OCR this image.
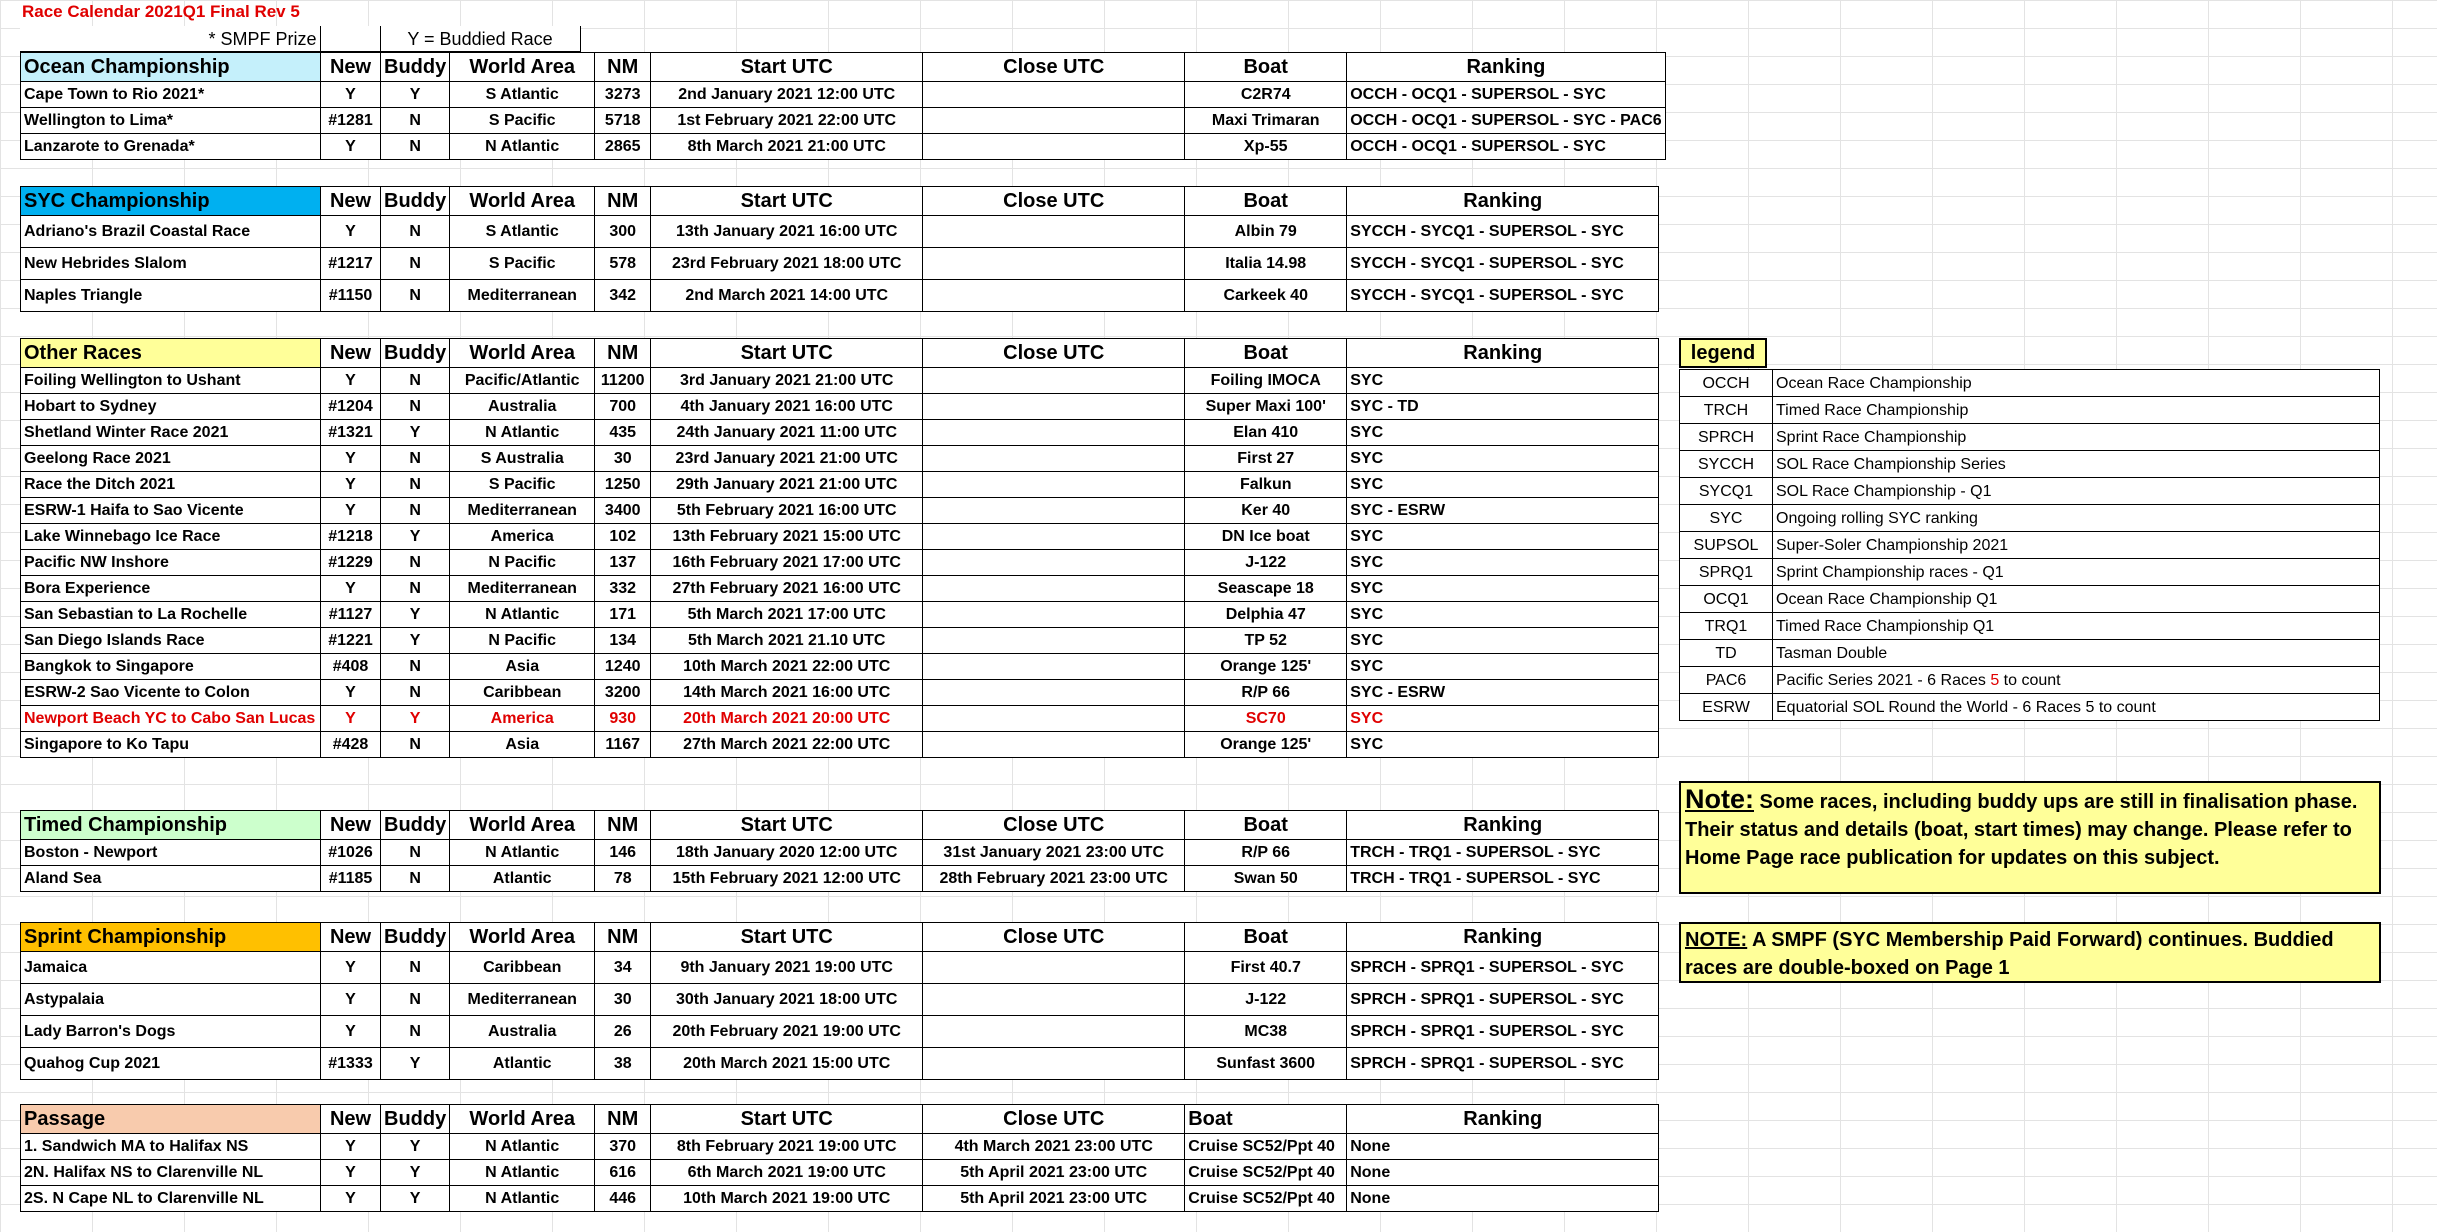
Race Calendar 2021Q1 Final Rev 5
* SMPF Prize		Y = Buddied Race
Ocean Championship	New	Buddy	World Area	NM	Start UTC	Close UTC	Boat	Ranking
Cape Town to Rio 2021*	Y	Y	S Atlantic	3273	2nd January 2021 12:00 UTC		C2R74	OCCH - OCQ1 - SUPERSOL - SYC
Wellington to Lima*	#1281	N	S Pacific	5718	1st February 2021 22:00 UTC		Maxi Trimaran	OCCH - OCQ1 - SUPERSOL - SYC - PAC6
Lanzarote to Grenada*	Y	N	N Atlantic	2865	8th March 2021 21:00 UTC		Xp-55	OCCH - OCQ1 - SUPERSOL - SYC
SYC Championship	New	Buddy	World Area	NM	Start UTC	Close UTC	Boat	Ranking
Adriano's Brazil Coastal Race	Y	N	S Atlantic	300	13th January 2021 16:00 UTC		Albin 79	SYCCH - SYCQ1 - SUPERSOL - SYC
New Hebrides Slalom	#1217	N	S Pacific	578	23rd February 2021 18:00 UTC		Italia 14.98	SYCCH - SYCQ1 - SUPERSOL - SYC
Naples Triangle	#1150	N	Mediterranean	342	2nd March 2021 14:00 UTC		Carkeek 40	SYCCH - SYCQ1 - SUPERSOL - SYC
Other Races	New	Buddy	World Area	NM	Start UTC	Close UTC	Boat	Ranking
Foiling Wellington to Ushant	Y	N	Pacific/Atlantic	11200	3rd January 2021 21:00 UTC		Foiling IMOCA	SYC
Hobart to Sydney	#1204	N	Australia	700	4th January 2021 16:00 UTC		Super Maxi 100'	SYC - TD
Shetland Winter Race 2021	#1321	Y	N Atlantic	435	24th January 2021 11:00 UTC		Elan 410	SYC
Geelong Race 2021	Y	N	S Australia	30	23rd January 2021 21:00 UTC		First 27	SYC
Race the Ditch 2021	Y	N	S Pacific	1250	29th January 2021 21:00 UTC		Falkun	SYC
ESRW-1 Haifa to Sao Vicente	Y	N	Mediterranean	3400	5th February 2021 16:00 UTC		Ker 40	SYC - ESRW
Lake Winnebago Ice Race	#1218	Y	America	102	13th February 2021 15:00 UTC		DN Ice boat	SYC
Pacific NW Inshore	#1229	N	N Pacific	137	16th February 2021 17:00 UTC		J-122	SYC
Bora Experience	Y	N	Mediterranean	332	27th February 2021 16:00 UTC		Seascape 18	SYC
San Sebastian to La Rochelle	#1127	Y	N Atlantic	171	5th March 2021 17:00 UTC		Delphia 47	SYC
San Diego Islands Race	#1221	Y	N Pacific	134	5th March 2021 21.10 UTC		TP 52	SYC
Bangkok to Singapore	#408	N	Asia	1240	10th March 2021 22:00 UTC		Orange 125'	SYC
ESRW-2 Sao Vicente to Colon	Y	N	Caribbean	3200	14th March 2021 16:00 UTC		R/P 66	SYC - ESRW
Newport Beach YC to Cabo San Lucas	Y	Y	America	930	20th March 2021 20:00 UTC		SC70	SYC
Singapore to Ko Tapu	#428	N	Asia	1167	27th March 2021 22:00 UTC		Orange 125'	SYC
Timed Championship	New	Buddy	World Area	NM	Start UTC	Close UTC	Boat	Ranking
Boston - Newport	#1026	N	N Atlantic	146	18th January 2020 12:00 UTC	31st January 2021 23:00 UTC	R/P 66	TRCH - TRQ1 - SUPERSOL - SYC
Aland Sea	#1185	N	Atlantic	78	15th February 2021 12:00 UTC	28th February 2021 23:00 UTC	Swan 50	TRCH - TRQ1 - SUPERSOL - SYC
Sprint Championship	New	Buddy	World Area	NM	Start UTC	Close UTC	Boat	Ranking
Jamaica	Y	N	Caribbean	34	9th January 2021 19:00 UTC		First 40.7	SPRCH - SPRQ1 - SUPERSOL - SYC
Astypalaia	Y	N	Mediterranean	30	30th January 2021 18:00 UTC		J-122	SPRCH - SPRQ1 - SUPERSOL - SYC
Lady Barron's Dogs	Y	N	Australia	26	20th February 2021 19:00 UTC		MC38	SPRCH - SPRQ1 - SUPERSOL - SYC
Quahog Cup 2021	#1333	Y	Atlantic	38	20th March 2021 15:00 UTC		Sunfast 3600	SPRCH - SPRQ1 - SUPERSOL - SYC
Passage	New	Buddy	World Area	NM	Start UTC	Close UTC	Boat	Ranking
1. Sandwich MA to Halifax NS	Y	Y	N Atlantic	370	8th February 2021 19:00 UTC	4th March 2021 23:00 UTC	Cruise SC52/Ppt 40	None
2N. Halifax NS to Clarenville NL	Y	Y	N Atlantic	616	6th March 2021 19:00 UTC	5th April 2021 23:00 UTC	Cruise SC52/Ppt 40	None
2S. N Cape NL to Clarenville NL	Y	Y	N Atlantic	446	10th March 2021 19:00 UTC	5th April 2021 23:00 UTC	Cruise SC52/Ppt 40	None
legend
OCCH	Ocean Race Championship
TRCH	Timed Race Championship
SPRCH	Sprint Race Championship
SYCCH	SOL Race Championship Series
SYCQ1	SOL Race Championship - Q1
SYC	Ongoing rolling SYC ranking
SUPSOL	Super-Soler Championship 2021
SPRQ1	Sprint Championship races - Q1
OCQ1	Ocean Race Championship Q1
TRQ1	Timed Race Championship Q1
TD	Tasman Double
PAC6	Pacific Series 2021 - 6 Races 5 to count
ESRW	Equatorial SOL Round the World - 6 Races 5 to count
Note: Some races, including buddy ups are still in finalisation phase. Their status and details (boat, start times) may change. Please refer to Home Page race publication for updates on this subject.
NOTE: A SMPF (SYC Membership Paid Forward) continues. Buddied races are double-boxed on Page 1
